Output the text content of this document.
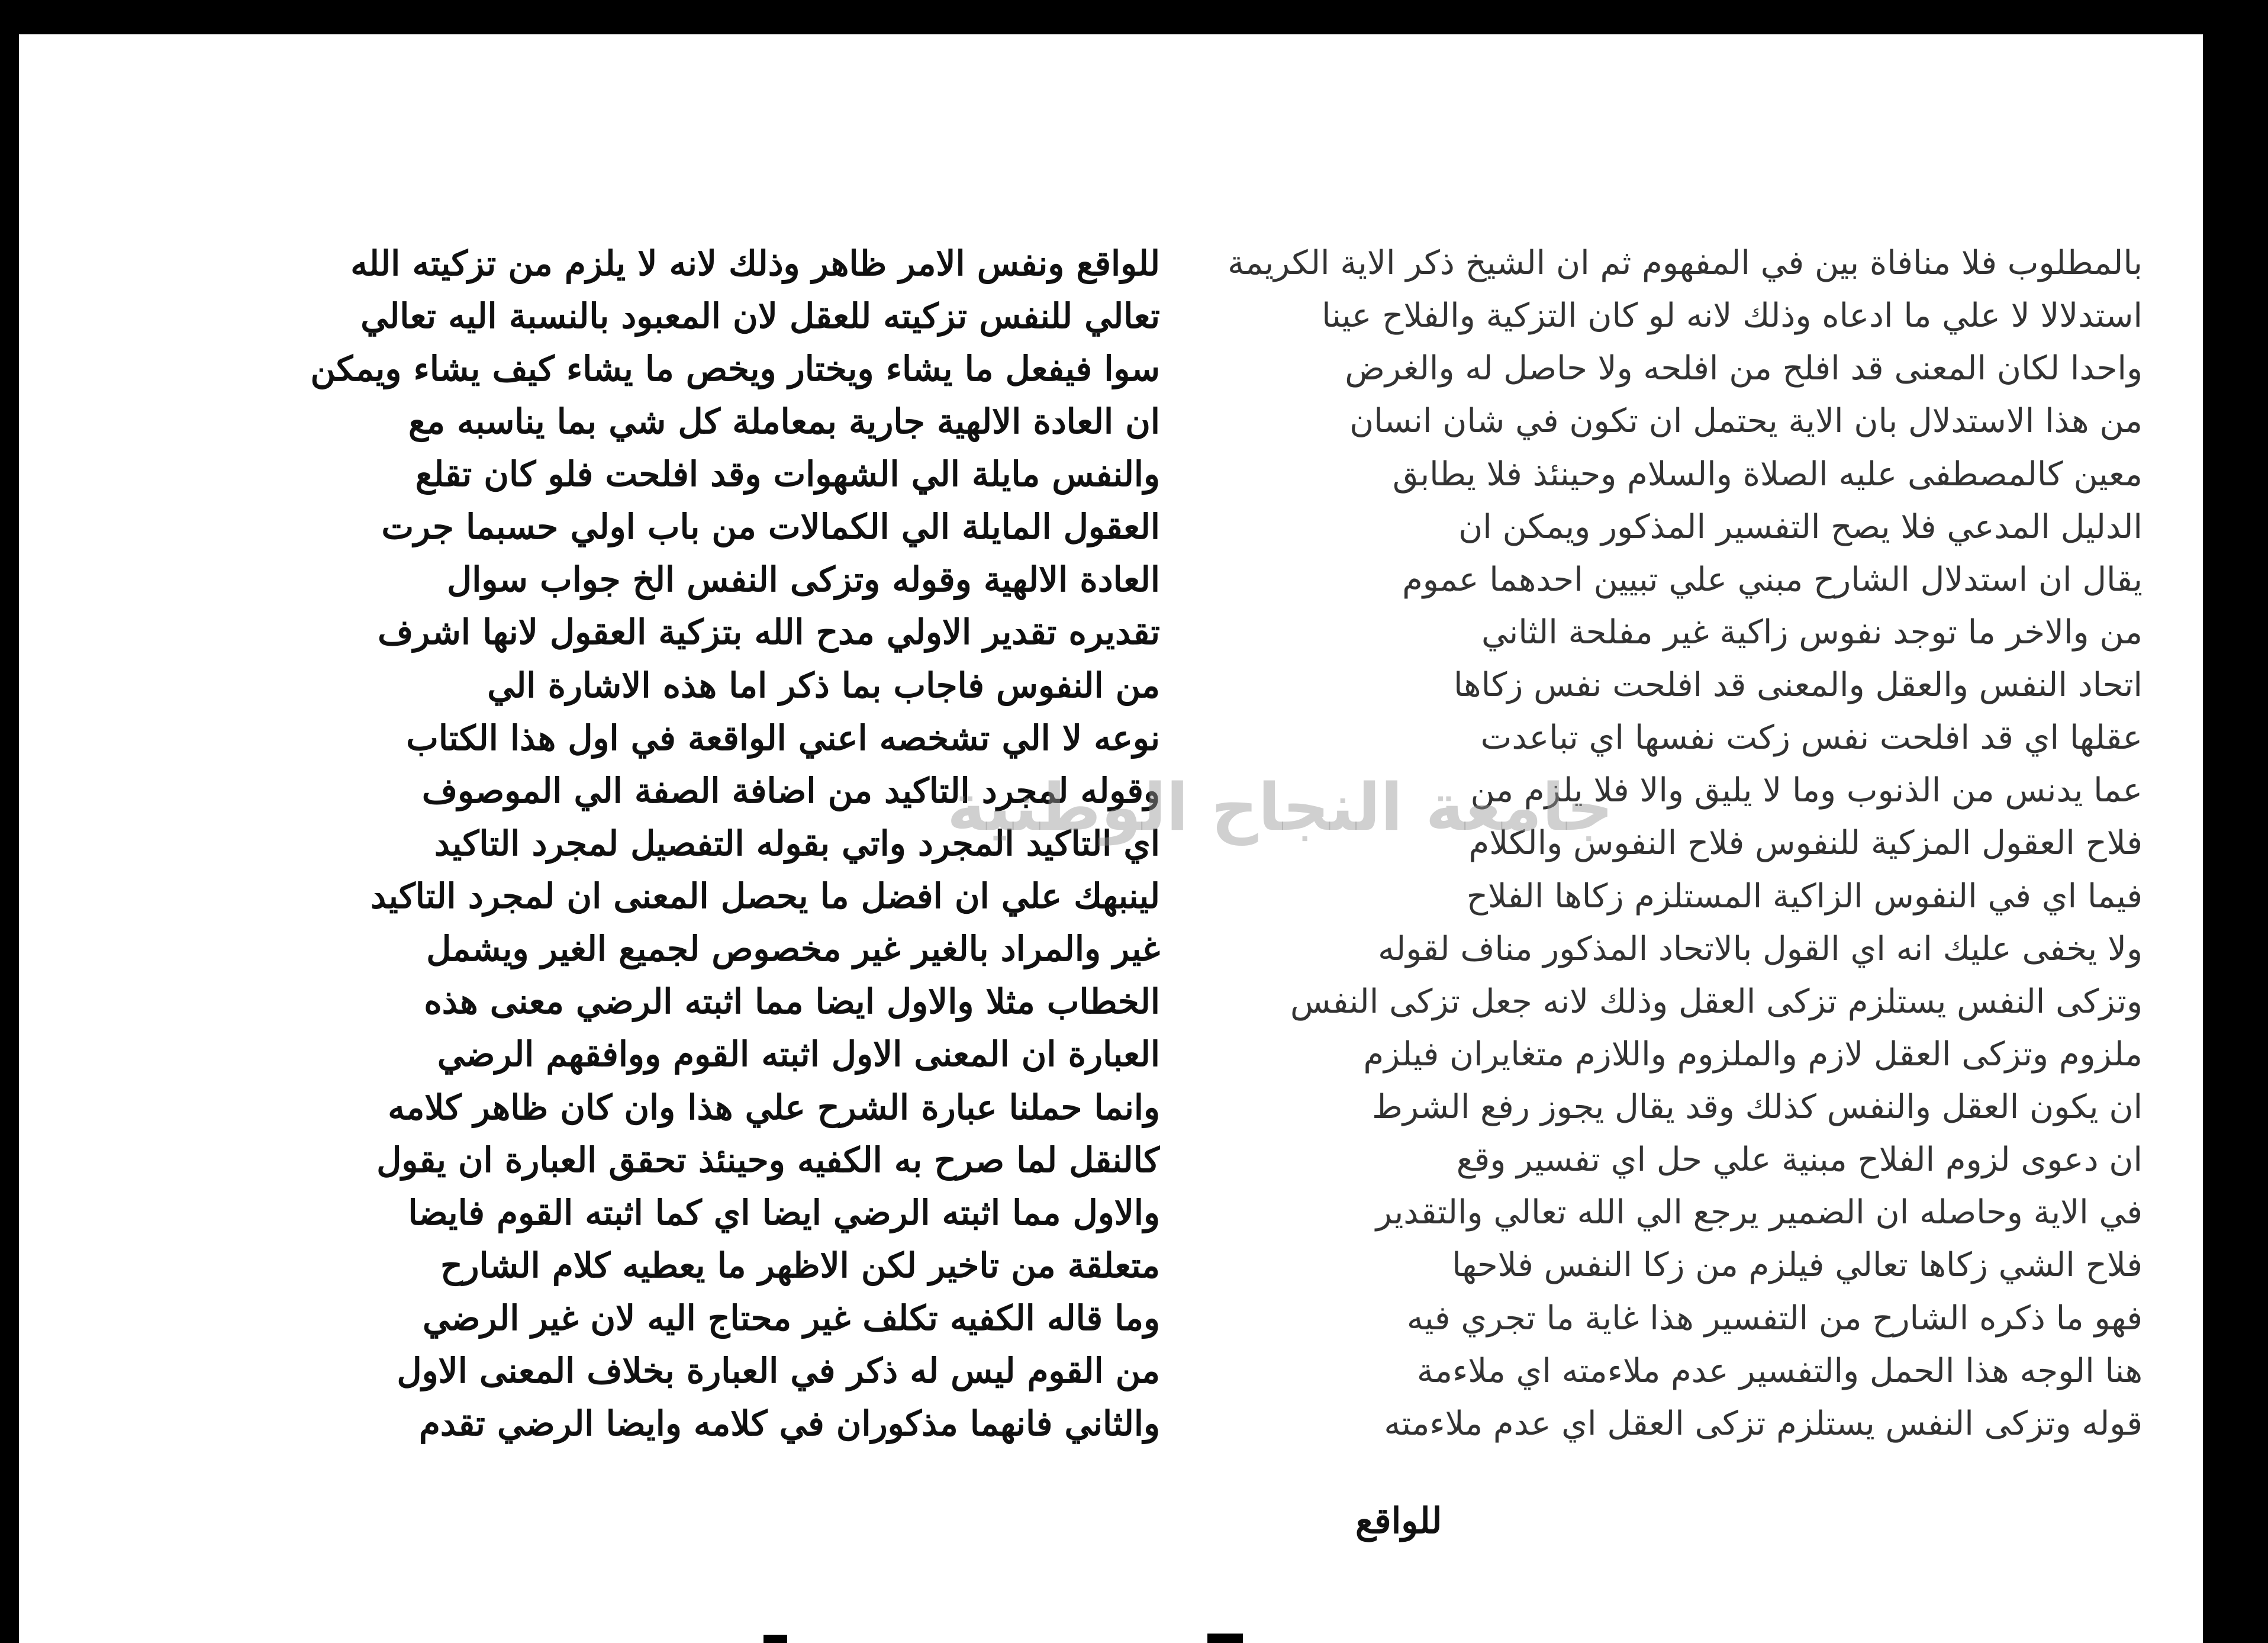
للواقع ونفس الامر ظاهر وذلك لانه لا يلزم من تزكيته الله
تعالي للنفس تزكيته للعقل لان المعبود بالنسبة اليه تعالي
سوا فيفعل ما يشاء ويختار ويخص ما يشاء كيف يشاء ويمكن
ان العادة الالهية جارية بمعاملة كل شي بما يناسبه مع
والنفس مايلة الي الشهوات وقد افلحت فلو كان تقلع
العقول المايلة الي الكمالات من باب اولي حسبما جرت
العادة الالهية وقوله وتزكى النفس الخ جواب سوال
تقديره تقدير الاولي مدح الله بتزكية العقول لانها اشرف
من النفوس فاجاب بما ذكر اما هذه الاشارة الي
نوعه لا الي تشخصه اعني الواقعة في اول هذا الكتاب
وقوله لمجرد التاكيد من اضافة الصفة الي الموصوف
اي التاكيد المجرد واتي بقوله التفصيل لمجرد التاكيد
لينبهك علي ان افضل ما يحصل المعنى ان لمجرد التاكيد
غير والمراد بالغير غير مخصوص لجميع الغير ويشمل
الخطاب مثلا والاول ايضا مما اثبته الرضي معنى هذه
العبارة ان المعنى الاول اثبته القوم ووافقهم الرضي
وانما حملنا عبارة الشرح علي هذا وان كان ظاهر كلامه
كالنقل لما صرح به الكفيه وحينئذ تحقق العبارة ان يقول
والاول مما اثبته الرضي ايضا اي كما اثبته القوم فايضا
متعلقة من تاخير لكن الاظهر ما يعطيه كلام الشارح
وما قاله الكفيه تكلف غير محتاج اليه لان غير الرضي
من القوم ليس له ذكر في العبارة بخلاف المعنى الاول
والثاني فانهما مذكوران في كلامه وايضا الرضي تقدم
بالمطلوب فلا منافاة بين في المفهوم ثم ان الشيخ ذكر الاية الكريمة
استدلالا لا علي ما ادعاه وذلك لانه لو كان التزكية والفلاح عينا
واحدا لكان المعنى قد افلح من افلحه ولا حاصل له والغرض
من هذا الاستدلال بان الاية يحتمل ان تكون في شان انسان
معين كالمصطفى عليه الصلاة والسلام وحينئذ فلا يطابق
الدليل المدعي فلا يصح التفسير المذكور ويمكن ان
يقال ان استدلال الشارح مبني علي تبيين احدهما عموم
من والاخر ما توجد نفوس زاكية غير مفلحة الثاني
اتحاد النفس والعقل والمعنى قد افلحت نفس زكاها
عقلها اي قد افلحت نفس زكت نفسها اي تباعدت
عما يدنس من الذنوب وما لا يليق والا فلا يلزم من
فلاح العقول المزكية للنفوس فلاح النفوس والكلام
فيما اي في النفوس الزاكية المستلزم زكاها الفلاح
ولا يخفى عليك انه اي القول بالاتحاد المذكور مناف لقوله
وتزكى النفس يستلزم تزكى العقل وذلك لانه جعل تزكى النفس
ملزوم وتزكى العقل لازم والملزوم واللازم متغايران فيلزم
ان يكون العقل والنفس كذلك وقد يقال يجوز رفع الشرط
ان دعوى لزوم الفلاح مبنية علي حل اي تفسير وقع
في الاية وحاصله ان الضمير يرجع الي الله تعالي والتقدير
فلاح الشي زكاها تعالي فيلزم من زكا النفس فلاحها
فهو ما ذكره الشارح من التفسير هذا غاية ما تجري فيه
هنا الوجه هذا الحمل والتفسير عدم ملاءمته اي ملاءمة
قوله وتزكى النفس يستلزم تزكى العقل اي عدم ملاءمته
جامعة النجاح الوطنية
للواقع
